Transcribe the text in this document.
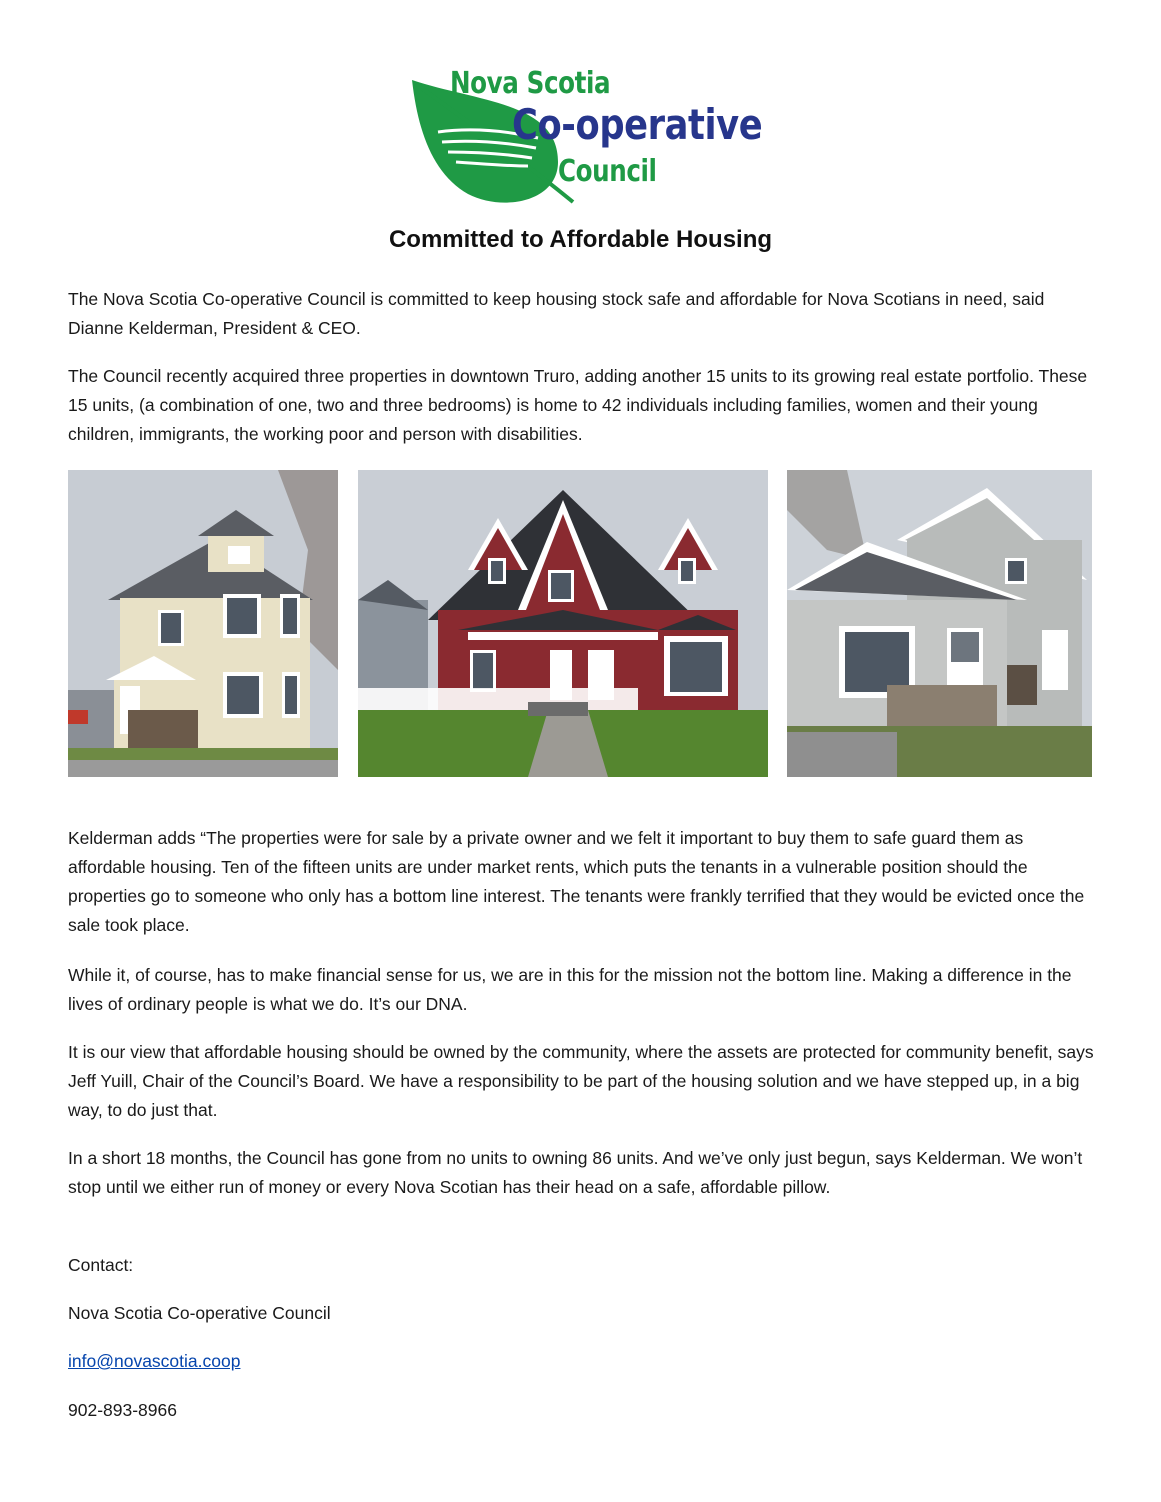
Nova Scotia
Co-operative
Council
Committed to Affordable Housing

The Nova Scotia Co-operative Council is committed to keep housing stock safe and affordable for Nova Scotians in need, said Dianne Kelderman, President & CEO.

The Council recently acquired three properties in downtown Truro, adding another 15 units to its growing real estate portfolio. These 15 units, (a combination of one, two and three bedrooms) is home to 42 individuals including families, women and their young children, immigrants, the working poor and person with disabilities.

Kelderman adds “The properties were for sale by a private owner and we felt it important to buy them to safe guard them as affordable housing. Ten of the fifteen units are under market rents, which puts the tenants in a vulnerable position should the properties go to someone who only has a bottom line interest. The tenants were frankly terrified that they would be evicted once the sale took place.

While it, of course, has to make financial sense for us, we are in this for the mission not the bottom line. Making a difference in the lives of ordinary people is what we do. It’s our DNA.

It is our view that affordable housing should be owned by the community, where the assets are protected for community benefit, says Jeff Yuill, Chair of the Council’s Board. We have a responsibility to be part of the housing solution and we have stepped up, in a big way, to do just that.

In a short 18 months, the Council has gone from no units to owning 86 units. And we’ve only just begun, says Kelderman. We won’t stop until we either run of money or every Nova Scotian has their head on a safe, affordable pillow.

Contact:

Nova Scotia Co-operative Council

info@novascotia.coop

902-893-8966
